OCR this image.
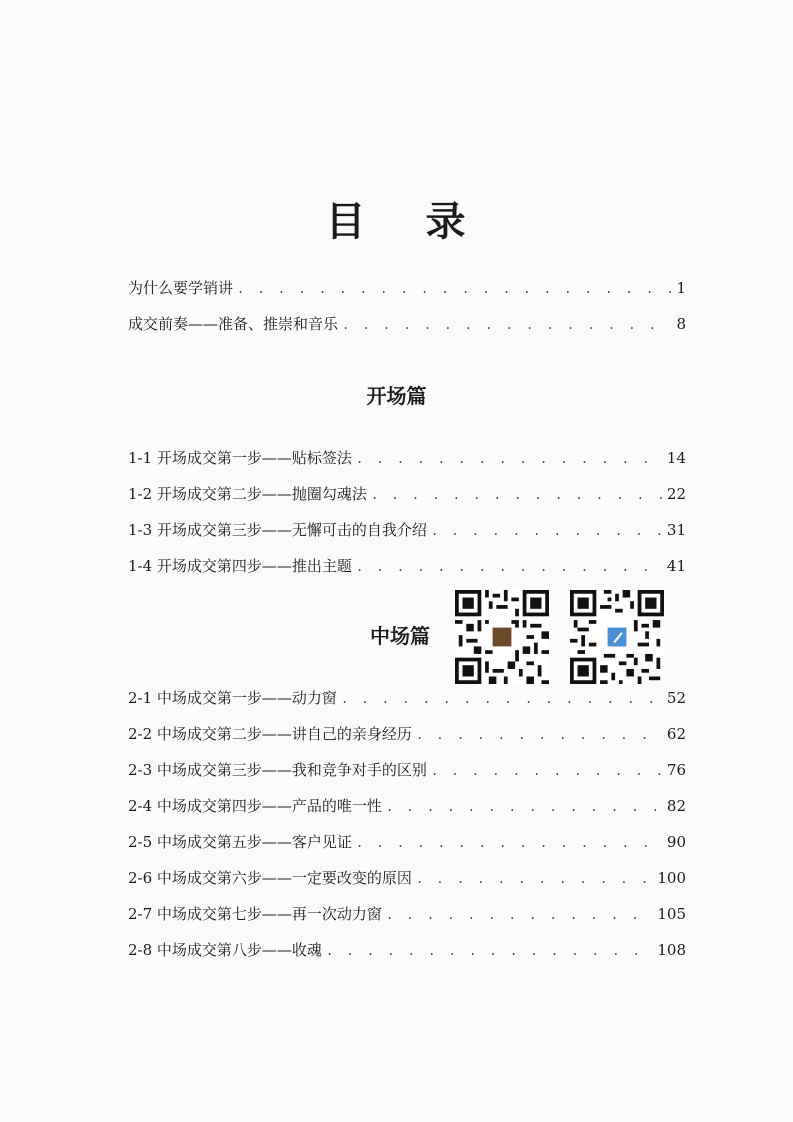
目 录
为什么要学销讲 . . .	1
成交前奏——准备、推崇和音乐 . . .	8
开场篇
1-1 开场成交第一步——贴标签法 . . .	14
1-2 开场成交第二步——抛圈勾魂法 . . .	22
1-3 开场成交第三步——无懈可击的自我介绍 . . .	31
1-4 开场成交第四步——推出主题 . . .	41
中场篇
2-1 中场成交第一步——动力窗 . . .	52
2-2 中场成交第二步——讲自己的亲身经历 . . .	62
2-3 中场成交第三步——我和竞争对手的区别 . . .	76
2-4 中场成交第四步——产品的唯一性 . . .	82
2-5 中场成交第五步——客户见证 . . .	90
2-6 中场成交第六步——一定要改变的原因 . . .	100
2-7 中场成交第七步——再一次动力窗 . . .	105
2-8 中场成交第八步——收魂 . . .	108
